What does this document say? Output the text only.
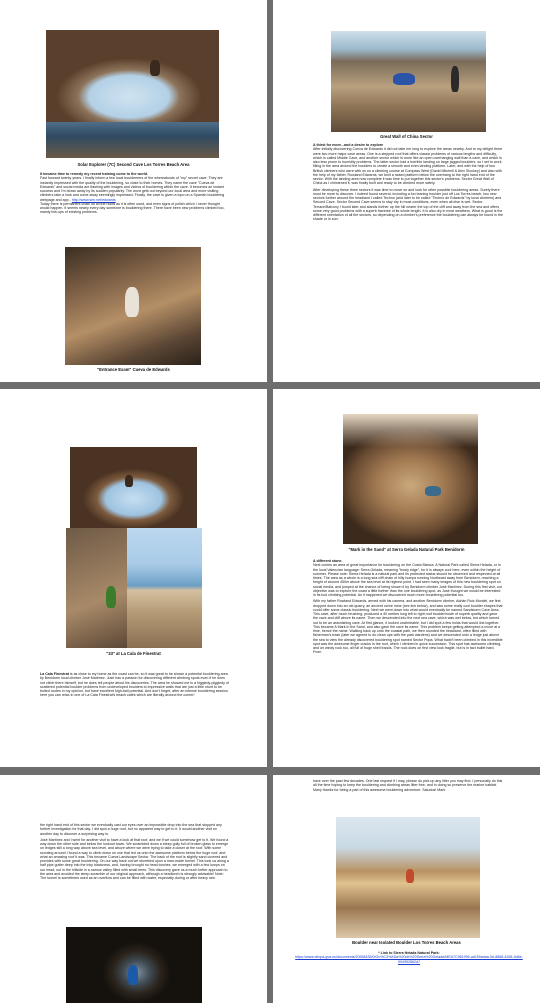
Solar Explorer (7C) Second Cave Los Torres Beach Area

It became time to remedy my recent training come to the world.
Fast forward twenty years. I finally inform a few local bouldeerers of the whereabouts of "my" secret cave. They are instantly impressed with the quality of the bouldering, so close to their homes. They name the cave "Cueva de Edwards" and social media are flashing with images and videos of bouldering within the cave. It becomes an instant success and I'm blown away by its sudden popularity. The word gets out beyond our local area and more visiting climbers take a look and come away seemingly impressed. Finally, the cave is given a topo on a Spanish bouldering webpage and app - http://www.sen.net/edwards
Today there is permanent chalk on all the holds as it is often used, and even signs of polish which I never thought would happen. It seems nearly every day someone is bouldering there. There have been new problems climbed too, mainly link-ups of existing problems.

"Entrance Exam" Cueva de Edwards
Great Wall of China Sector

A thirst for more...and a desire to explore
After initially discovering Cueva de Edwards it did not take me long to explore the areas nearby. And to my delight there were two more major cave areas. One is a stepped roof that offers classic problems of various lengths and difficulty, which is called Middle Cave, and another sector which is more like an open overhanging wall than a cave, and which is also less prone to humidity problems. The latter sector had a horrible landing on large jagged boulders, so I set to work filling in the area around the boulders to create a smooth and even landing platform. Later, and with the help of two British climbers who were with us on a climbing course at Compass West (David Mitchell & Alex Stockey) and also with the help of my father, Rowland Edwards, we built a raised platform below the overhang to the right hand end of the sector. With the landing area now complete it was time to put together this sector's problems. Sector Great Wall of China as I christened it, was finally built and ready to be climbed more safely.

After developing these three sectors it was time to move on and look for other possible bouldering areas. Surely there must be more to discover. I indeed found several, including a fun leaning boulder just off Los Torres beach, two new sectors further around the headland I called Techno (and later to be called "Techno de Edwards" by local climbers) and Second Cave. Sector Second Cave seems to stay dry in most conditions, even when all else is wet. Sector Terrace/Balcony I found later and stands further up the hill nearer the top of the cliff and away from the sea and offers some very good problems with a superb traverse of its whole length. It is also dry in most weathers. What is good is the different orientation of all the sectors, so depending on a climber's preference the bouldering can always be found in the shade or in sun.

"33" at La Cala de Finestrat

La Cala Finestrat is as close to my home as the coast can be, so it was great to be shown a potential bouldering area by Benidorm local climber José Martínez. José has a passion for discovering different climbing spots even if he does not climb there himself, but he does tell people about his discoveries. The area he showed me is a higgledy-piggledy of scattered potential boulder problems from undeveloped boulders to impressive walls that are just a little short to be bolted routes in my opinion, but have excellent high-ball potential. And don't forget, after an intense bouldering session here you can relax in one of La Cala Finestrat's beach cafés which are literally around the corner!

"Mark in the Sand" at Serra Gelada Natural Park Benidorm

A different stone.
Next comes an area of great importance for bouldering on the Costa Blanca. A Natural Park called Sierra Helada, or in the local Valencian language: Serra Gelada, meaning "frosty ridge", for it is always cool here, even within the height of summer. Please note: Sierra Helada is a natural park and its protected status should be observed and respected at all times. The area as a whole is a long sea cliff chain of hilly humps running Northeast away from Benidorm, reaching a height of around 450m above the sea level at its highest point. I had seen many images of this new bouldering spot on social media, and jumped at the chance of being shown it by Benidorm climber José Martínez. During this first visit, our objective was to explore the coast a little further than the one bouldering spot, as José thought we would be interested in its tool climbing potential. As it happened we discovered much more bouldering potential too.

With my father Rowland Edwards, armed with his camera, and another Benidorm climber, Adrián Ruiz Montiel, we first dropped down into an old quarry, an ancient ochre mine (see link below), and saw some really cool boulder shapes that could offer some classic bouldering. Next we went down into what would eventually be named Sandstorm Cave Area. This cave, after much brushing, produced a 40 metres long left to right roof boulder/route of superb quality and gave the cave and cliff above its name. Then we descended into the next sea cave, which was wet below, but which turned out to be an astonishing cave. At first glance, it looked unclimbable, but I did spot a few holds that would link together. This became A Mark in the Sand, and also gave the cave its name. This problem keeps getting attempted a move at a time, hence the name. Walking back up onto the coastal path, we then rounded the headland, often filled with fisherman's trash (later we agreed to do clean ups with the park wardens) and we descended onto a ledge just above the sea to view the already discovered bouldering spot named Sector Popa. What hadn't been climbed in this incredible spot was the awesome finger cracks in the roof, which I climbed in quick succession. This spot has awesome climbing, and on windy rock too, all full of huge shell fossils. The rock does on first view look fragile, but is in fact bullet hard. From

the right hand end of this sector we eventually cast our eyes over an impossible drop into the sea that stopped any further investigation for that day. I did spot a huge roof, but no apparent way to get to it. It would another visit on another day to discover a surprising way in.

José Martínez and I went for another visit to have a look at that roof, and we if we could somehow get to it. We found a way down the other side and below the lookout tower. We scrambled down a steep gully full of broken glass to emerge on ledges still a long way above sea level, and above where we were trying to take a closer at the roof. With some scouting around I found a way to climb down on one that led us onto the awesome platform below the huge roof, and what an amazing roof it was. This became Cueva Landscape Sector. The back of the roof is slightly sand covered and provides with some great bouldering. On our way back out we stumbled upon a man-made tunnel. This took us along a half pipe gutter deep into the inky blackness, and, having brought no head torches, we emerged with a few lumps on our head, out in the hillside in a narrow valley filled with small trees. This discovery gave us a much better approach to the area and avoided the steep scramble of our original approach, although a headtorch is strongly advisable! Note: The tunnel is sometimes used as an overflow and can be filled with water, especially during or after heavy rain.

have over the past few decades. One last request if I may, please do pick up any litter you may find. I personally do this all the time hoping to keep the bouldering and climbing areas litter free, and in doing so preserve the marine habitat. Many thanks for being a part of this awesome bouldering adventure. Saludos! Mark

Boulder near Isolated Boulder Los Torres Beach Areas

* Link to Sierra Helada Natural Park:
https://www.cfmpa.gva.es/documents/20558435/0/Gu%C3%ADa%20de%20Serra%20Gelada/MEA7C961995-ad159adaa-5d-8868-4268-9d6e-994952862d7
